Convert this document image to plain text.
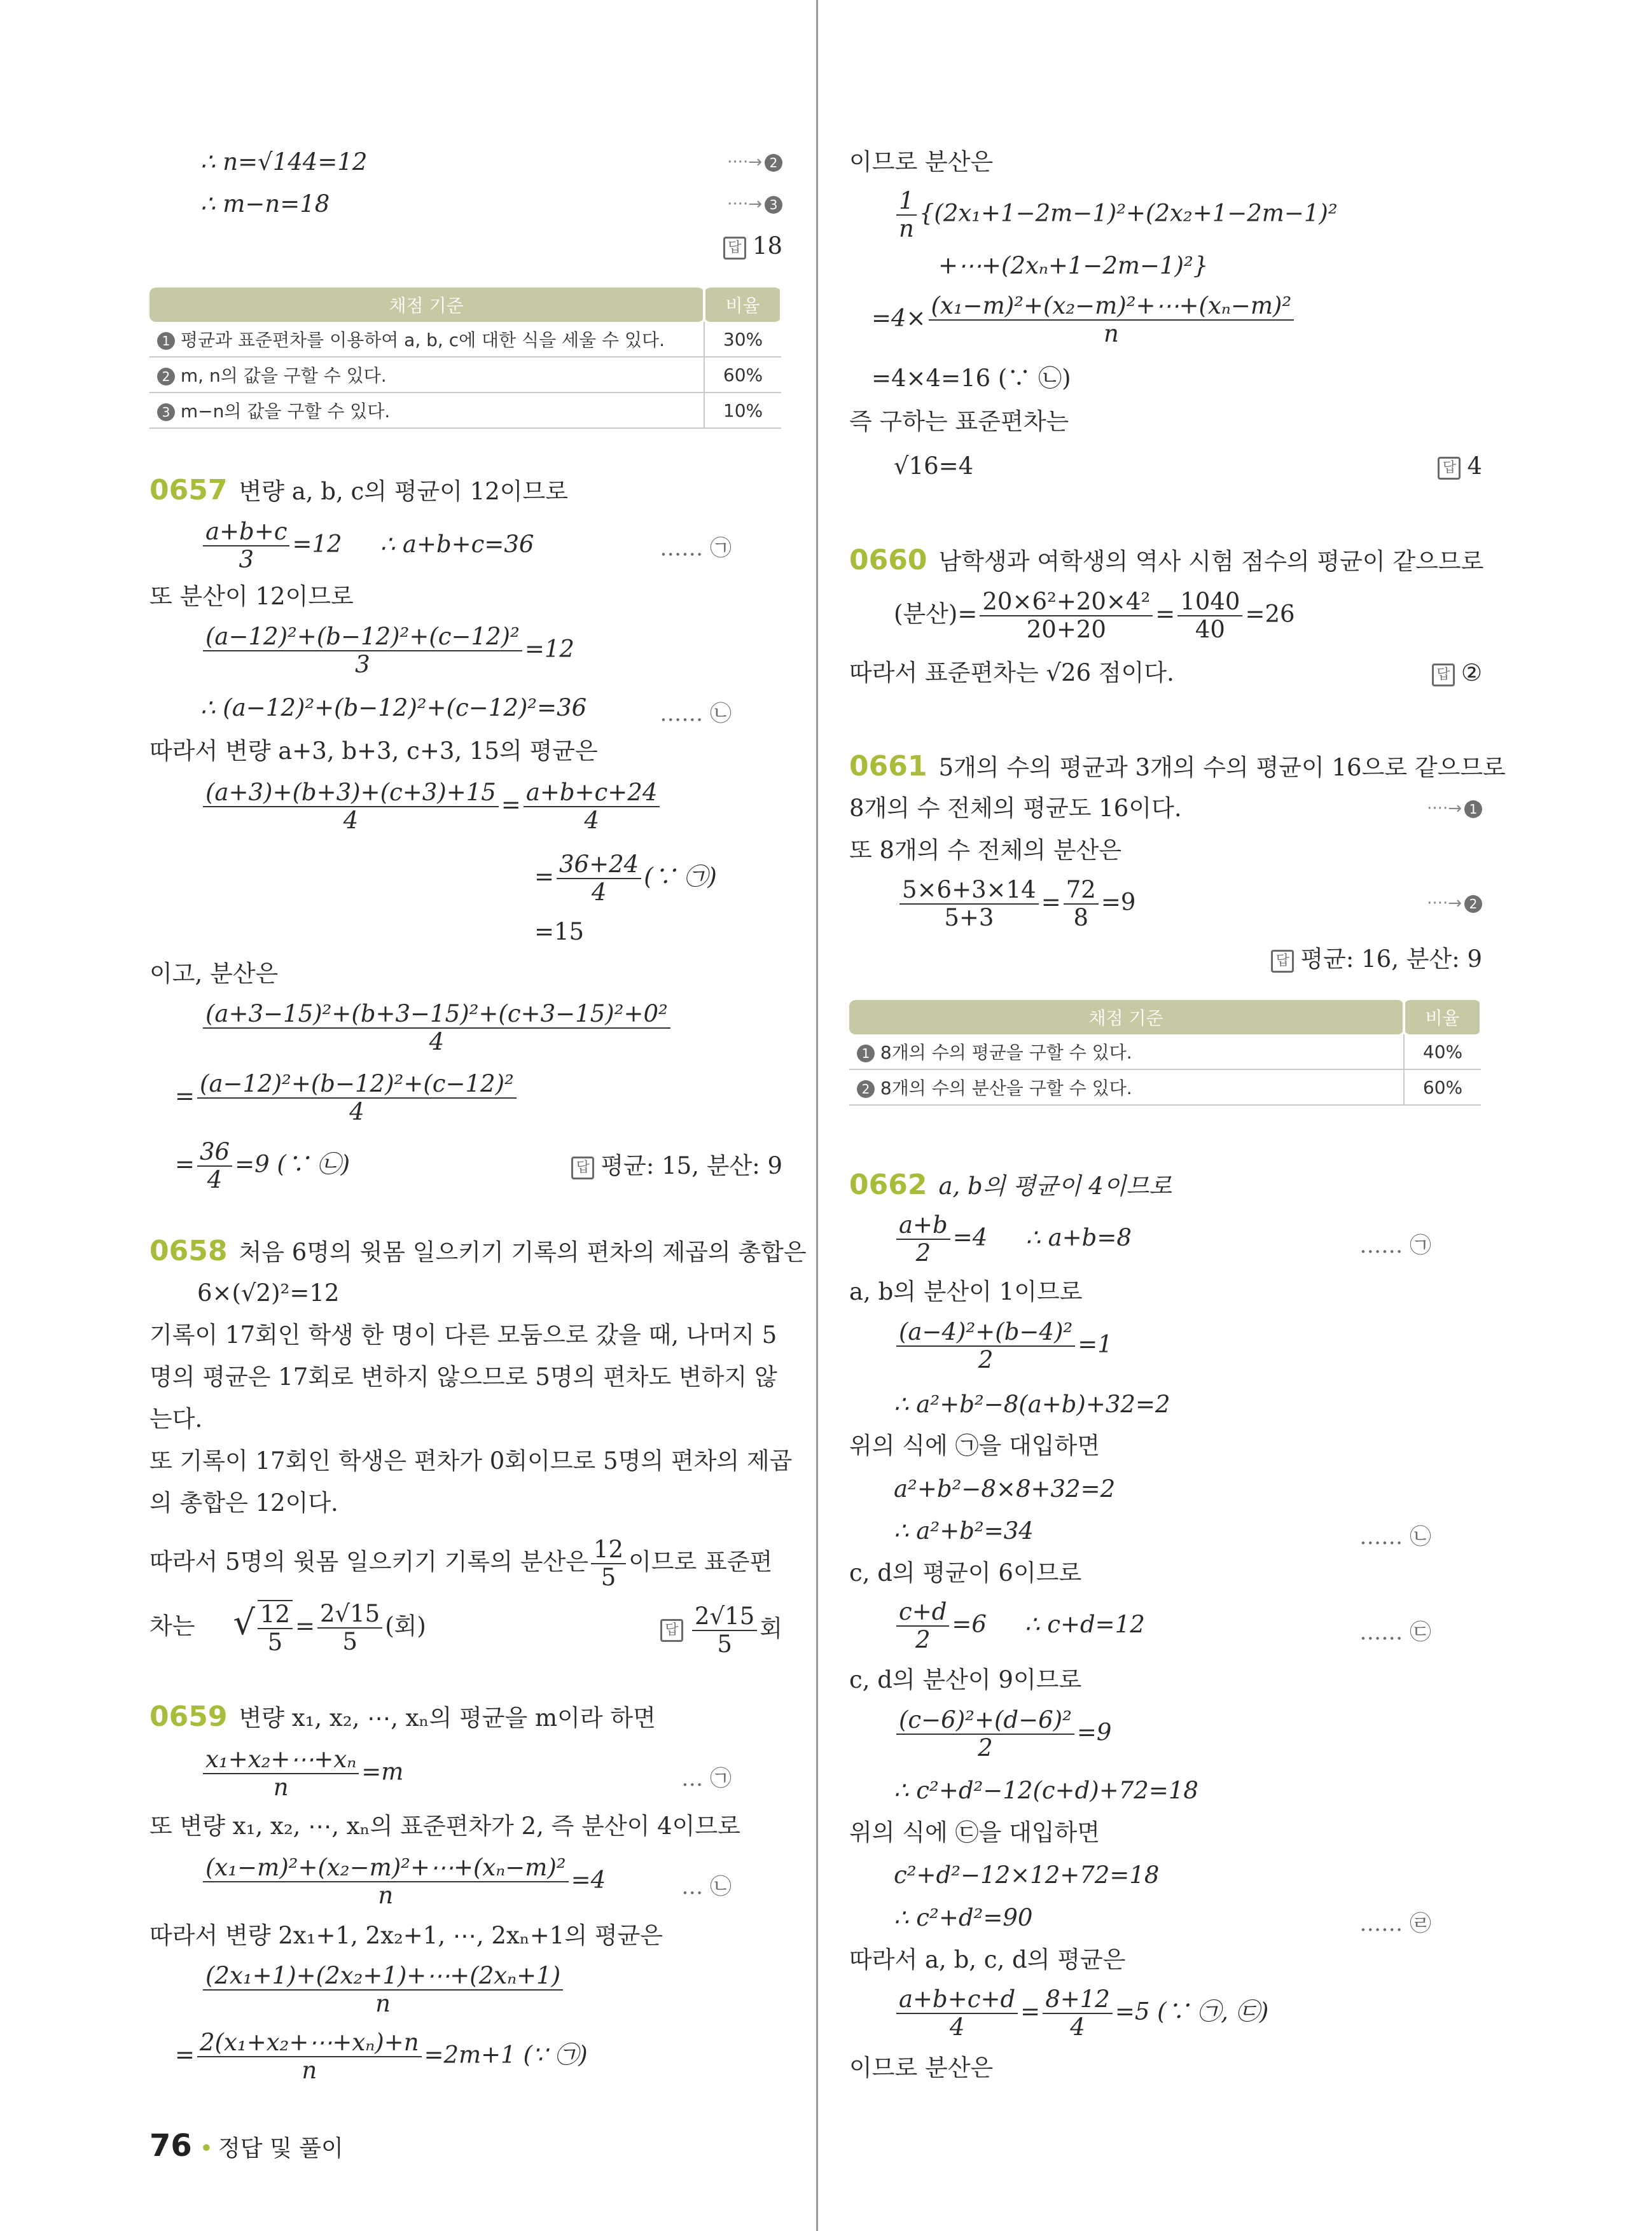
∴ n=√144=12	····→ 2
∴ m−n=18	····→ 3
답 18
채점 기준	비율
1 평균과 표준편차를 이용하여 a, b, c에 대한 식을 세울 수 있다.	30%
2 m, n의 값을 구할 수 있다.	60%
3 m−n의 값을 구할 수 있다.	10%
0657 변량 a, b, c의 평균이 12이므로
$\frac{a+b+c}{3} =12$ ∴ a+b+c=36	…… ㉠
또 분산이 12이므로
$\frac{\text{(a−12)²+(b−12)²+(c−12)²}}{3} =12$
∴ (a−12)²+(b−12)²+(c−12)²=36	…… ㉡
따라서 변량 a+3, b+3, c+3, 15의 평균은
$\frac{(a+3)+(b+3)+(c+3)+15}{4} = \frac{a+b+c+24}{4}$
= $\frac{36+24}{4}$ (∵ ㉠)
=15
이고, 분산은
$\frac{\text{(a+3−15)²+(b+3−15)²+(c+3−15)²+0²}}{4}$
= $\frac{\text{(a−12)²+(b−12)²+(c−12)²}}{4}$
= $\frac{36}{4} =9$ (∵ ㉡)	답 평균: 15, 분산: 9
0658 처음 6명의 윗몸 일으키기 기록의 편차의 제곱의 총합은
6×(√2)²=12
기록이 17회인 학생 한 명이 다른 모둠으로 갔을 때, 나머지 5
명의 평균은 17회로 변하지 않으므로 5명의 편차도 변하지 않
는다.
또 기록이 17회인 학생은 편차가 0회이므로 5명의 편차의 제곱
의 총합은 12이다.
따라서 5명의 윗몸 일으키기 기록의 분산은 $\frac{12}{5}$ 이므로 표준편
차는 √ $\frac{12}{5} = \frac{2√15}{5}$ (회)	답 $\frac{2√15}{5}$ 회
0659 변량 x₁, x₂, ⋯, xₙ의 평균을 m이라 하면
$\frac{\text{x₁+x₂+⋯+xₙ}}{n} =m$	… ㉠
또 변량 x₁, x₂, ⋯, xₙ의 표준편차가 2, 즉 분산이 4이므로
$\frac{\text{(x₁−m)²+(x₂−m)²+⋯+(xₙ−m)²}}{n} =4$	… ㉡
따라서 변량 2x₁+1, 2x₂+1, ⋯, 2xₙ+1의 평균은
$\frac{\text{(2x₁+1)+(2x₂+1)+⋯+(2xₙ+1)}}{n}$
= $\frac{\text{2(x₁+x₂+⋯+xₙ)+n}}{n} =2m+1$ (∵ ㉠)
이므로 분산은
$\frac{1}{n} \{(2x_1+1-2m-1)^2+(2x_2+1-2m-1)^2$
+⋯+(2xₙ+1−2m−1)²}
$=4\times \frac{\text{(x₁−m)²+(x₂−m)²+⋯+(xₙ−m)²}}{n}$
=4×4=16 (∵ ㉡)
즉 구하는 표준편차는
√16=4	답 4
0660 남학생과 여학생의 역사 시험 점수의 평균이 같으므로
(분산)= $\frac{\text{20×6²+20×4²}}{20+20} = \frac{1040}{40} =26$
따라서 표준편차는 √26 점이다.	답 ②
0661 5개의 수의 평균과 3개의 수의 평균이 16으로 같으므로
8개의 수 전체의 평균도 16이다.	····→ 1
또 8개의 수 전체의 분산은
$\frac{5\times 6+3\times 14}{5+3} = \frac{72}{8} =9$	····→ 2
답 평균: 16, 분산: 9
채점 기준	비율
1 8개의 수의 평균을 구할 수 있다.	40%
2 8개의 수의 분산을 구할 수 있다.	60%
0662 a, b의 평균이 4이므로
$\frac{a+b}{2} =4$ ∴ a+b=8	…… ㉠
a, b의 분산이 1이므로
$\frac{\text{(a−4)²+(b−4)²}}{2} =1$
∴ a²+b²−8(a+b)+32=2
위의 식에 ㉠을 대입하면
a²+b²−8×8+32=2
∴ a²+b²=34	…… ㉡
c, d의 평균이 6이므로
$\frac{c+d}{2} =6$ ∴ c+d=12	…… ㉢
c, d의 분산이 9이므로
$\frac{\text{(c−6)²+(d−6)²}}{2} =9$
∴ c²+d²−12(c+d)+72=18
위의 식에 ㉢을 대입하면
c²+d²−12×12+72=18
∴ c²+d²=90	…… ㉣
따라서 a, b, c, d의 평균은
$\frac{a+b+c+d}{4} = \frac{8+12}{4} =5$ (∵ ㉠, ㉢)
이므로 분산은
76 • 정답 및 풀이
